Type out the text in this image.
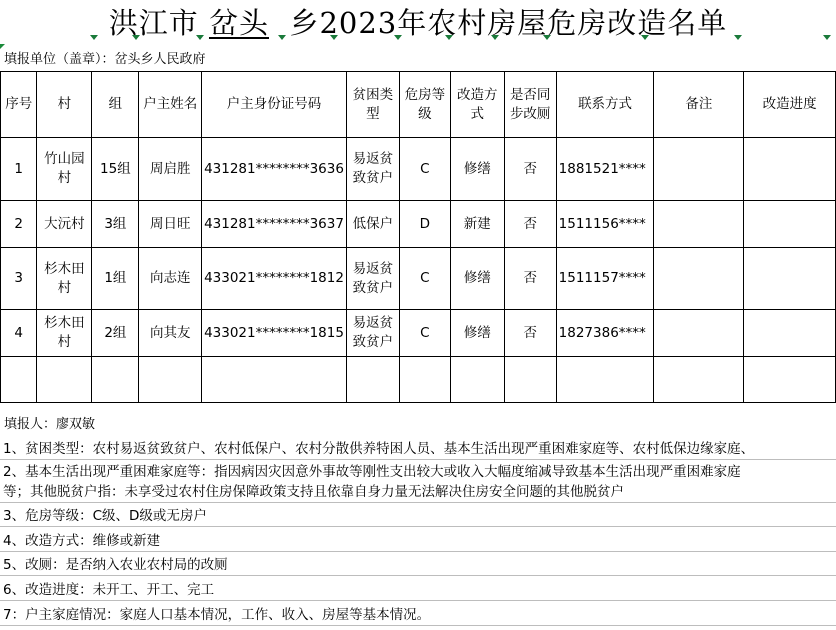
洪江市 岔头 乡2023年农村房屋危房改造名单
填报单位（盖章）：岔头乡人民政府
序号	村	组	户主姓名	户主身份证号码	贫困类型	危房等级	改造方式	是否同步改厕	联系方式	备注	改造进度
1	竹山园村	15组	周启胜	431281********3636	易返贫致贫户	C	修缮	否	1881521****		
2	大沅村	3组	周日旺	431281********3637	低保户	D	新建	否	1511156****		
3	杉木田村	1组	向志连	433021********1812	易返贫致贫户	C	修缮	否	1511157****		
4	杉木田村	2组	向其友	433021********1815	易返贫致贫户	C	修缮	否	1827386****		

填报人：廖双敏
1、贫困类型：农村易返贫致贫户、农村低保户、农村分散供养特困人员、基本生活出现严重困难家庭等、农村低保边缘家庭、
2、基本生活出现严重困难家庭等：指因病因灾因意外事故等刚性支出较大或收入大幅度缩减导致基本生活出现严重困难家庭
等；其他脱贫户指：未享受过农村住房保障政策支持且依靠自身力量无法解决住房安全问题的其他脱贫户
3、危房等级：C级、D级或无房户
4、改造方式：维修或新建
5、改厕：是否纳入农业农村局的改厕
6、改造进度：未开工、开工、完工
7：户主家庭情况：家庭人口基本情况，工作、收入、房屋等基本情况。
